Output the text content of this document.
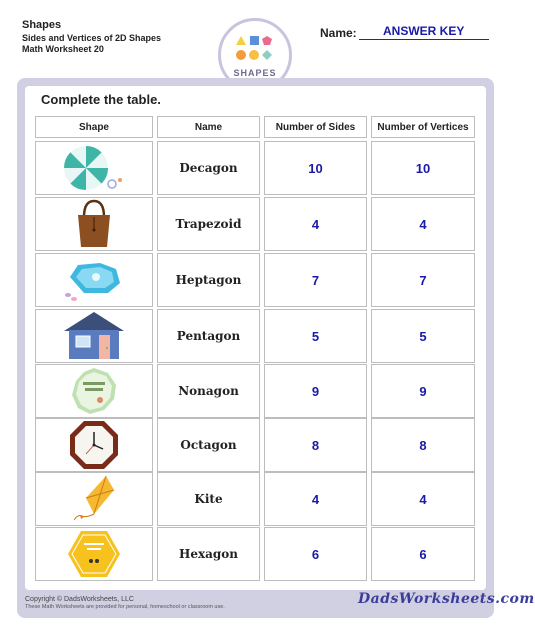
Shapes
Sides and Vertices of 2D Shapes
Math Worksheet 20
SHAPES
Name:	ANSWER KEY
Complete the table.
Shape	Name	Number of Sides	Number of Vertices
Decagon	10	10
Trapezoid	4	4
Heptagon	7	7
Pentagon	5	5
Nonagon	9	9
Octagon	8	8
Kite	4	4
Hexagon	6	6
Copyright © DadsWorksheets, LLC
These Math Worksheets are provided for personal, homeschool or classroom use.
DadsWorksheets.com
